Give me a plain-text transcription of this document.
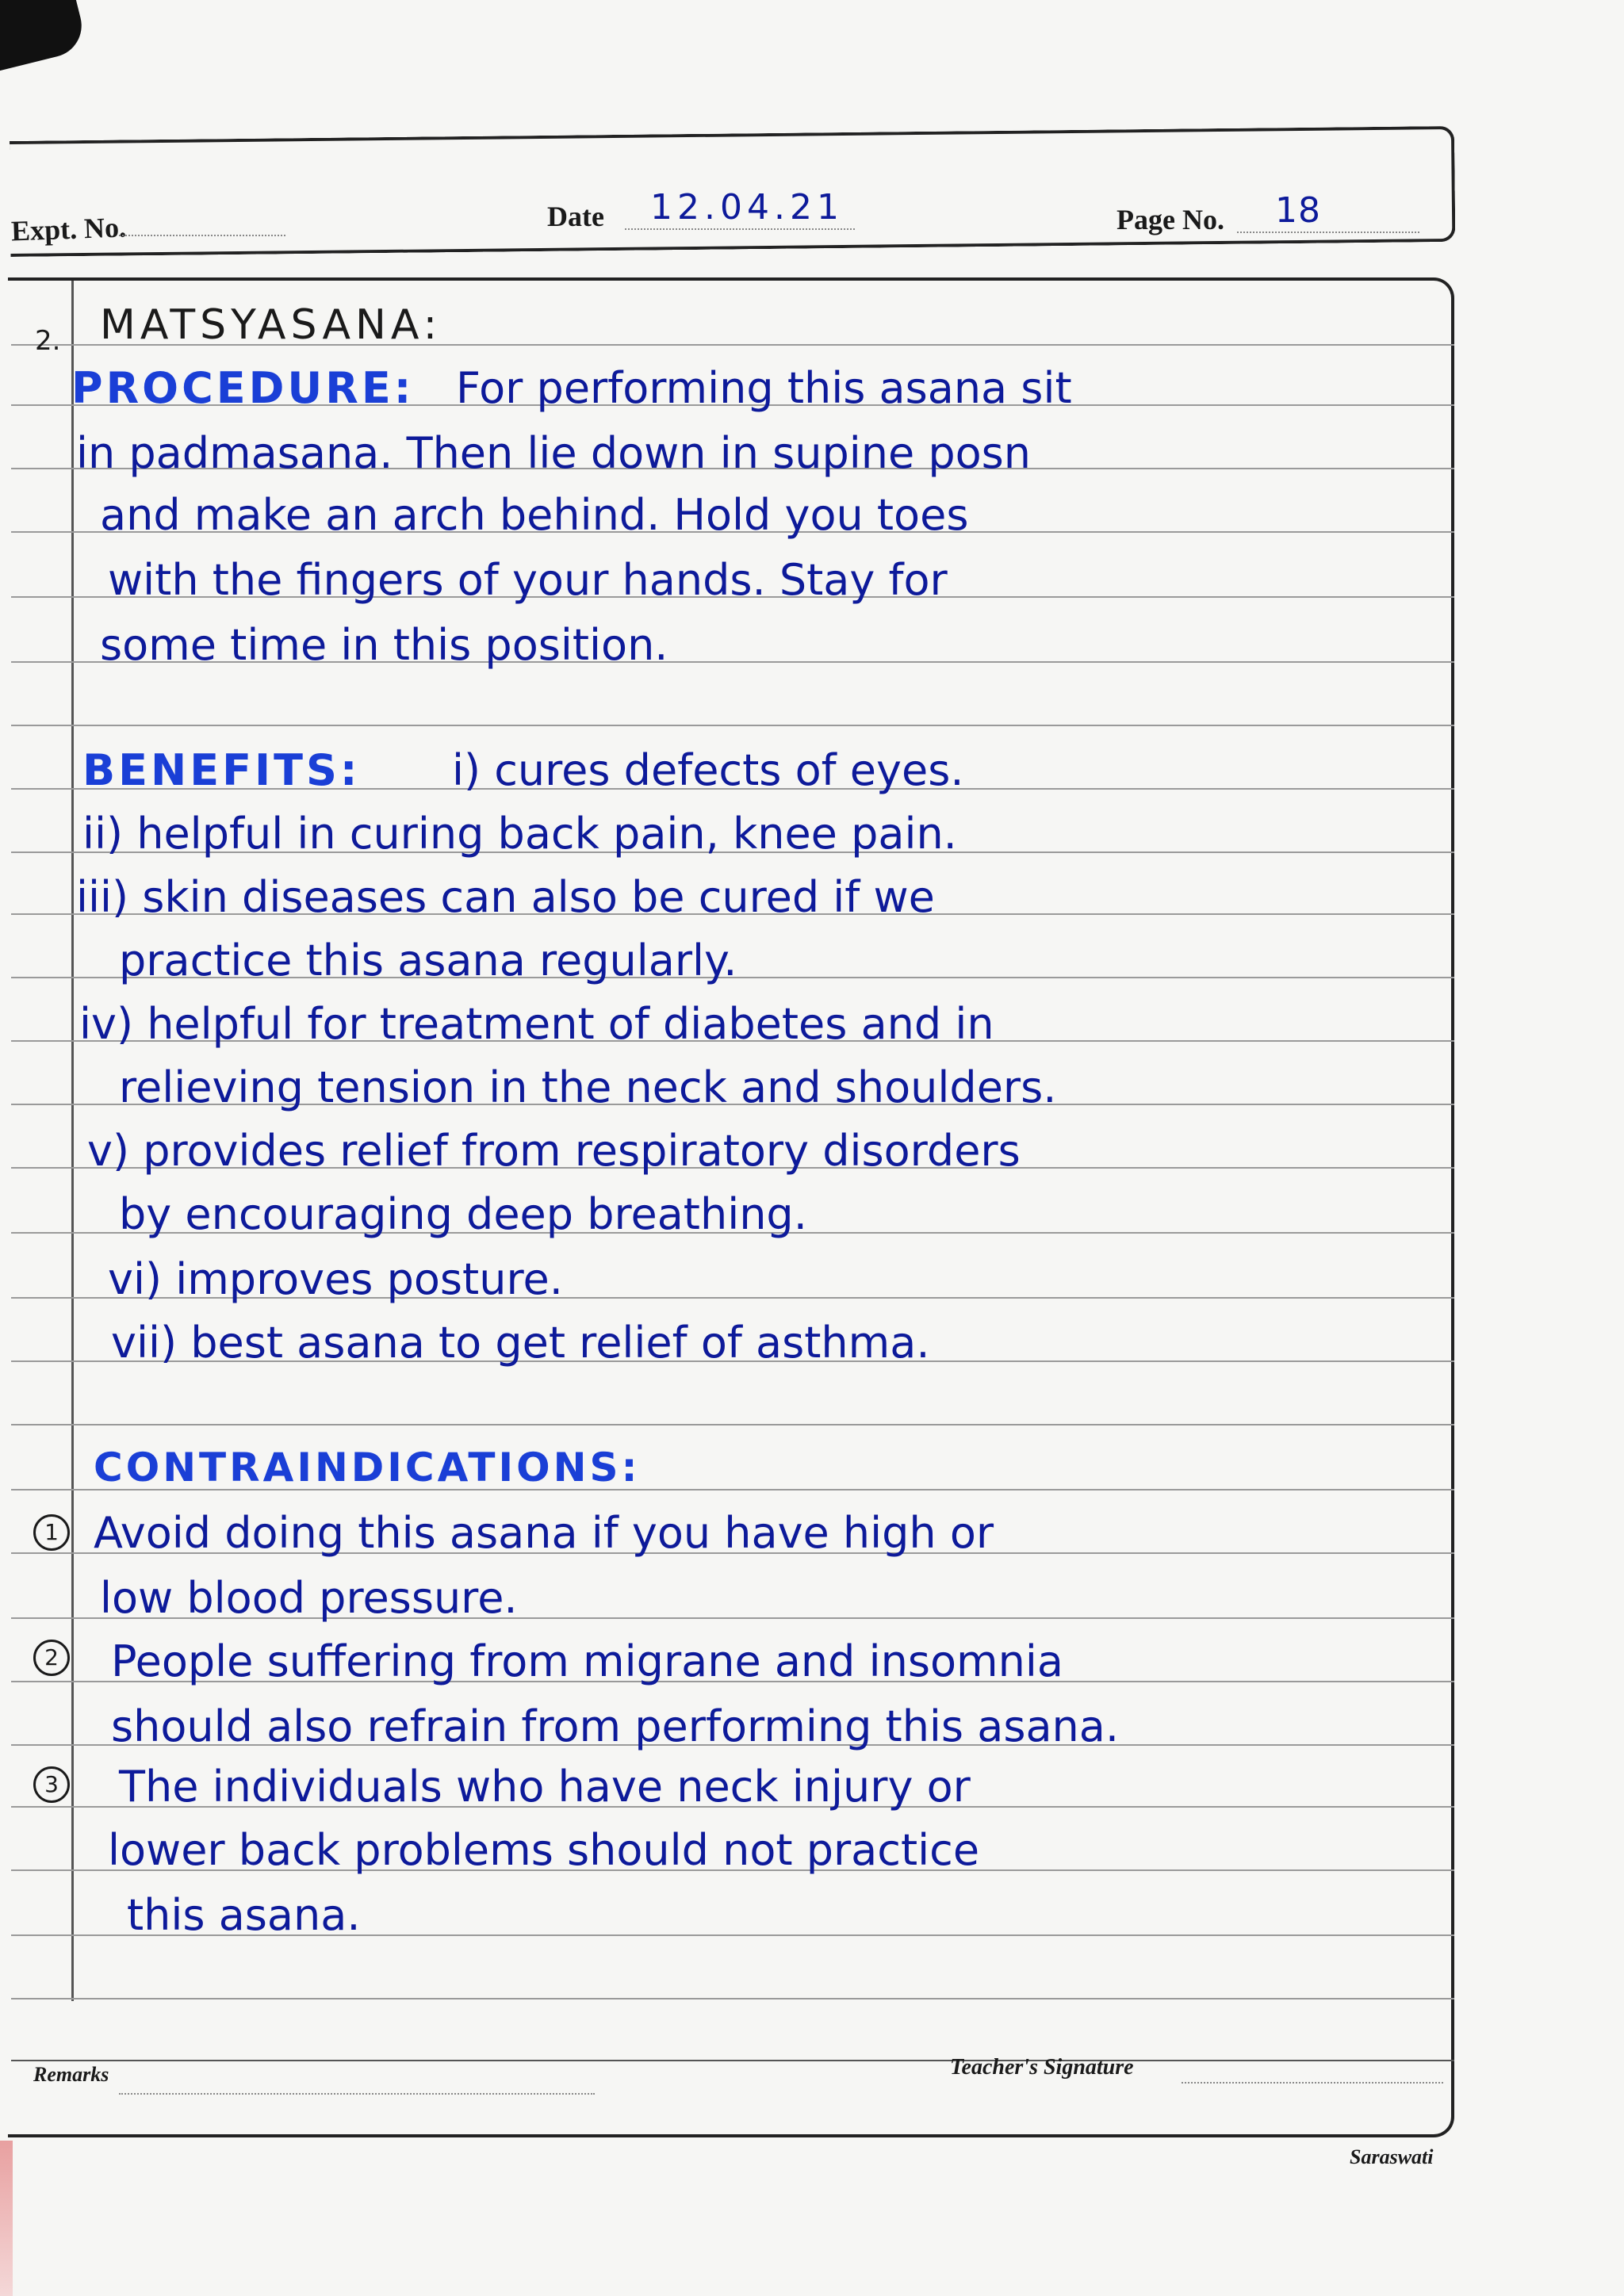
Expt. No.	Date 12.04.21	Page No. 18
2. MATSYASANA:
PROCEDURE: For performing this asana sit
in padmasana. Then lie down in supine posn
and make an arch behind. Hold you toes
with the fingers of your hands. Stay for
some time in this position.
BENEFITS: i) cures defects of eyes.
ii) helpful in curing back pain, knee pain.
iii) skin diseases can also be cured if we
practice this asana regularly.
iv) helpful for treatment of diabetes and in
relieving tension in the neck and shoulders.
v) provides relief from respiratory disorders
by encouraging deep breathing.
vi) improves posture.
vii) best asana to get relief of asthma.
CONTRAINDICATIONS:
1 Avoid doing this asana if you have high or
low blood pressure.
2 People suffering from migrane and insomnia
should also refrain from performing this asana.
3 The individuals who have neck injury or
lower back problems should not practice
this asana.
Remarks	Teacher's Signature
Saraswati
